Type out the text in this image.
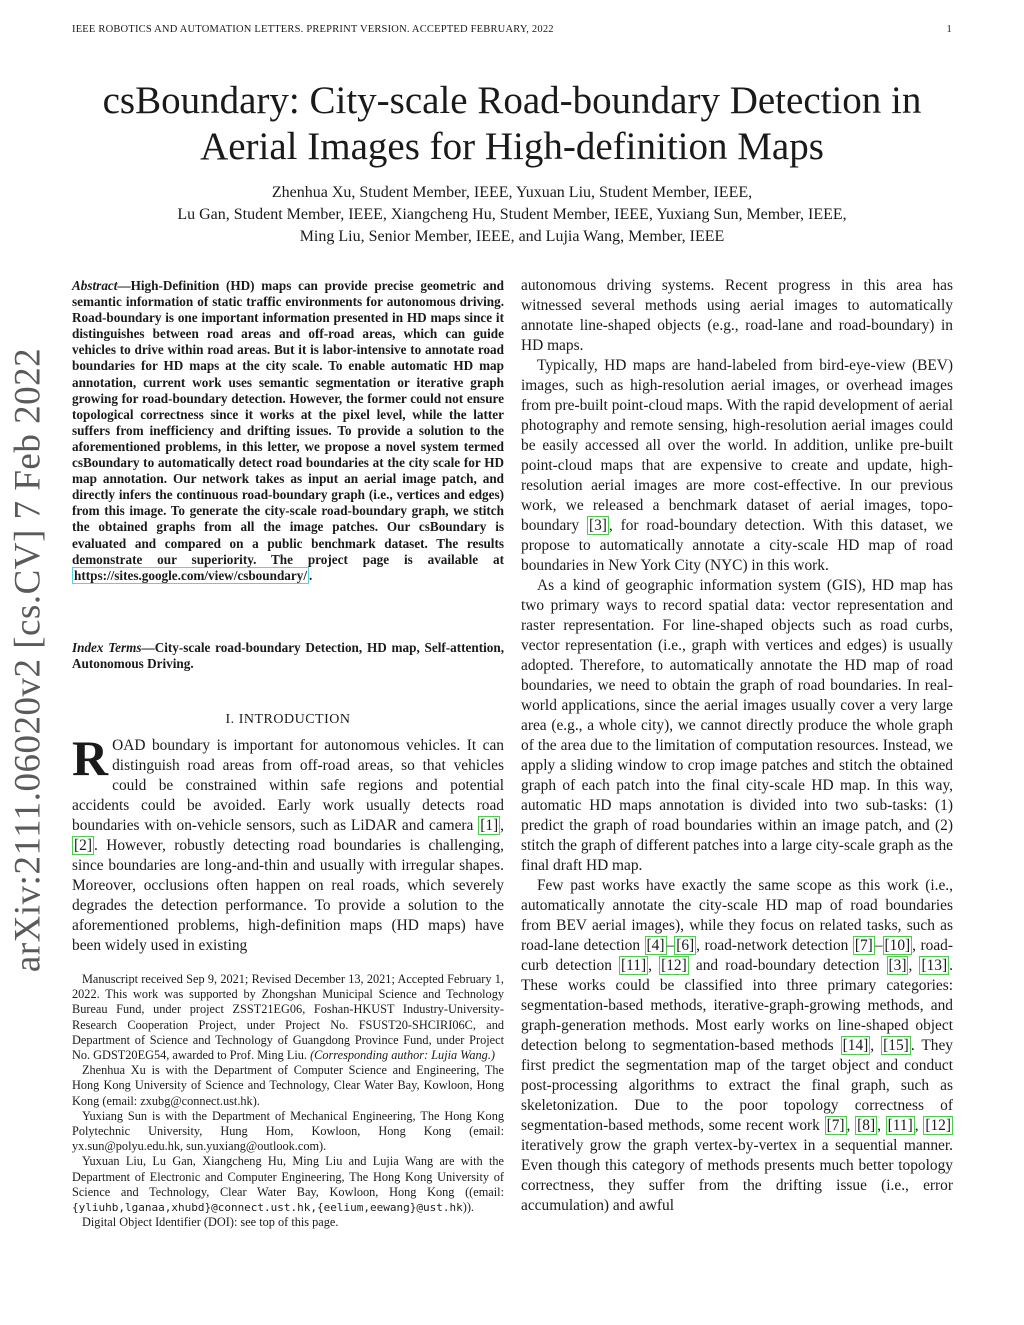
IEEE ROBOTICS AND AUTOMATION LETTERS. PREPRINT VERSION. ACCEPTED FEBRUARY, 2022	1
arXiv:2111.06020v2 [cs.CV] 7 Feb 2022
csBoundary: City-scale Road-boundary Detection in Aerial Images for High-definition Maps
Zhenhua Xu, Student Member, IEEE, Yuxuan Liu, Student Member, IEEE,
Lu Gan, Student Member, IEEE, Xiangcheng Hu, Student Member, IEEE, Yuxiang Sun, Member, IEEE,
Ming Liu, Senior Member, IEEE, and Lujia Wang, Member, IEEE
Abstract—High-Definition (HD) maps can provide precise geometric and semantic information of static traffic environments for autonomous driving. Road-boundary is one important information presented in HD maps since it distinguishes between road areas and off-road areas, which can guide vehicles to drive within road areas. But it is labor-intensive to annotate road boundaries for HD maps at the city scale. To enable automatic HD map annotation, current work uses semantic segmentation or iterative graph growing for road-boundary detection. However, the former could not ensure topological correctness since it works at the pixel level, while the latter suffers from inefficiency and drifting issues. To provide a solution to the aforementioned problems, in this letter, we propose a novel system termed csBoundary to automatically detect road boundaries at the city scale for HD map annotation. Our network takes as input an aerial image patch, and directly infers the continuous road-boundary graph (i.e., vertices and edges) from this image. To generate the city-scale road-boundary graph, we stitch the obtained graphs from all the image patches. Our csBoundary is evaluated and compared on a public benchmark dataset. The results demonstrate our superiority. The project page is available at https://sites.google.com/view/csboundary/ .
Index Terms—City-scale road-boundary Detection, HD map, Self-attention, Autonomous Driving.
I. INTRODUCTION

ROAD boundary is important for autonomous vehicles. It can distinguish road areas from off-road areas, so that vehicles could be constrained within safe regions and potential accidents could be avoided. Early work usually detects road boundaries with on-vehicle sensors, such as LiDAR and camera [1] , [2] . However, robustly detecting road boundaries is challenging, since boundaries are long-and-thin and usually with irregular shapes. Moreover, occlusions often happen on real roads, which severely degrades the detection performance. To provide a solution to the aforementioned problems, high-definition maps (HD maps) have been widely used in existing

Manuscript received Sep 9, 2021; Revised December 13, 2021; Accepted February 1, 2022. This work was supported by Zhongshan Municipal Science and Technology Bureau Fund, under project ZSST21EG06, Foshan-HKUST Industry-University-Research Cooperation Project, under Project No. FSUST20-SHCIRI06C, and Department of Science and Technology of Guangdong Province Fund, under Project No. GDST20EG54, awarded to Prof. Ming Liu. (Corresponding author: Lujia Wang.)

Zhenhua Xu is with the Department of Computer Science and Engineering, The Hong Kong University of Science and Technology, Clear Water Bay, Kowloon, Hong Kong (email: zxubg@connect.ust.hk).

Yuxiang Sun is with the Department of Mechanical Engineering, The Hong Kong Polytechnic University, Hung Hom, Kowloon, Hong Kong (email: yx.sun@polyu.edu.hk, sun.yuxiang@outlook.com).

Yuxuan Liu, Lu Gan, Xiangcheng Hu, Ming Liu and Lujia Wang are with the Department of Electronic and Computer Engineering, The Hong Kong University of Science and Technology, Clear Water Bay, Kowloon, Hong Kong ((email: {yliuhb,lganaa,xhubd}@connect.ust.hk,{eelium,eewang}@ust.hk)).

Digital Object Identifier (DOI): see top of this page.

autonomous driving systems. Recent progress in this area has witnessed several methods using aerial images to automatically annotate line-shaped objects (e.g., road-lane and road-boundary) in HD maps.

Typically, HD maps are hand-labeled from bird-eye-view (BEV) images, such as high-resolution aerial images, or overhead images from pre-built point-cloud maps. With the rapid development of aerial photography and remote sensing, high-resolution aerial images could be easily accessed all over the world. In addition, unlike pre-built point-cloud maps that are expensive to create and update, high-resolution aerial images are more cost-effective. In our previous work, we released a benchmark dataset of aerial images, topo-boundary [3] , for road-boundary detection. With this dataset, we propose to automatically annotate a city-scale HD map of road boundaries in New York City (NYC) in this work.

As a kind of geographic information system (GIS), HD map has two primary ways to record spatial data: vector representation and raster representation. For line-shaped objects such as road curbs, vector representation (i.e., graph with vertices and edges) is usually adopted. Therefore, to automatically annotate the HD map of road boundaries, we need to obtain the graph of road boundaries. In real-world applications, since the aerial images usually cover a very large area (e.g., a whole city), we cannot directly produce the whole graph of the area due to the limitation of computation resources. Instead, we apply a sliding window to crop image patches and stitch the obtained graph of each patch into the final city-scale HD map. In this way, automatic HD maps annotation is divided into two sub-tasks: (1) predict the graph of road boundaries within an image patch, and (2) stitch the graph of different patches into a large city-scale graph as the final draft HD map.

Few past works have exactly the same scope as this work (i.e., automatically annotate the city-scale HD map of road boundaries from BEV aerial images), while they focus on related tasks, such as road-lane detection [4] – [6] , road-network detection [7] – [10] , road-curb detection [11] , [12] and road-boundary detection [3] , [13] . These works could be classified into three primary categories: segmentation-based methods, iterative-graph-growing methods, and graph-generation methods. Most early works on line-shaped object detection belong to segmentation-based methods [14] , [15] . They first predict the segmentation map of the target object and conduct post-processing algorithms to extract the final graph, such as skeletonization. Due to the poor topology correctness of segmentation-based methods, some recent work [7] , [8] , [11] , [12] iteratively grow the graph vertex-by-vertex in a sequential manner. Even though this category of methods presents much better topology correctness, they suffer from the drifting issue (i.e., error accumulation) and awful
